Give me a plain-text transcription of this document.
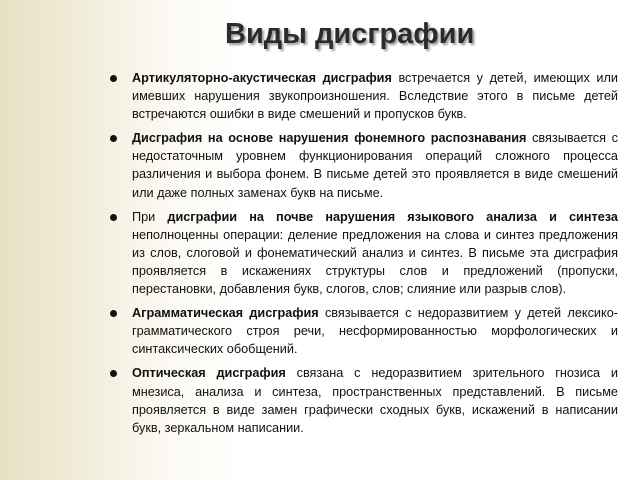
Виды дисграфии

Артикуляторно-акустическая дисграфия встречается у детей, имеющих или имевших нарушения звукопроизношения. Вследствие этого в письме детей встречаются ошибки в виде смешений и пропусков букв.

Дисграфия на основе нарушения фонемного распознавания связывается с недостаточным уровнем функционирования операций сложного процесса различения и выбора фонем. В письме детей это проявляется в виде смешений или даже полных заменах букв на письме.

При дисграфии на почве нарушения языкового анализа и синтеза неполноценны операции: деление предложения на слова и синтез предложения из слов, слоговой и фонематический анализ и синтез. В письме эта дисграфия проявляется в искажениях структуры слов и предложений (пропуски, перестановки, добавления букв, слогов, слов; слияние или разрыв слов).

Аграмматическая дисграфия связывается с недоразвитием у детей лексико-грамматического строя речи, несформированностью морфологических и синтаксических обобщений.

Оптическая дисграфия связана с недоразвитием зрительного гнозиса и мнезиса, анализа и синтеза, пространственных представлений. В письме проявляется в виде замен графически сходных букв, искажений в написании букв, зеркальном написании.
